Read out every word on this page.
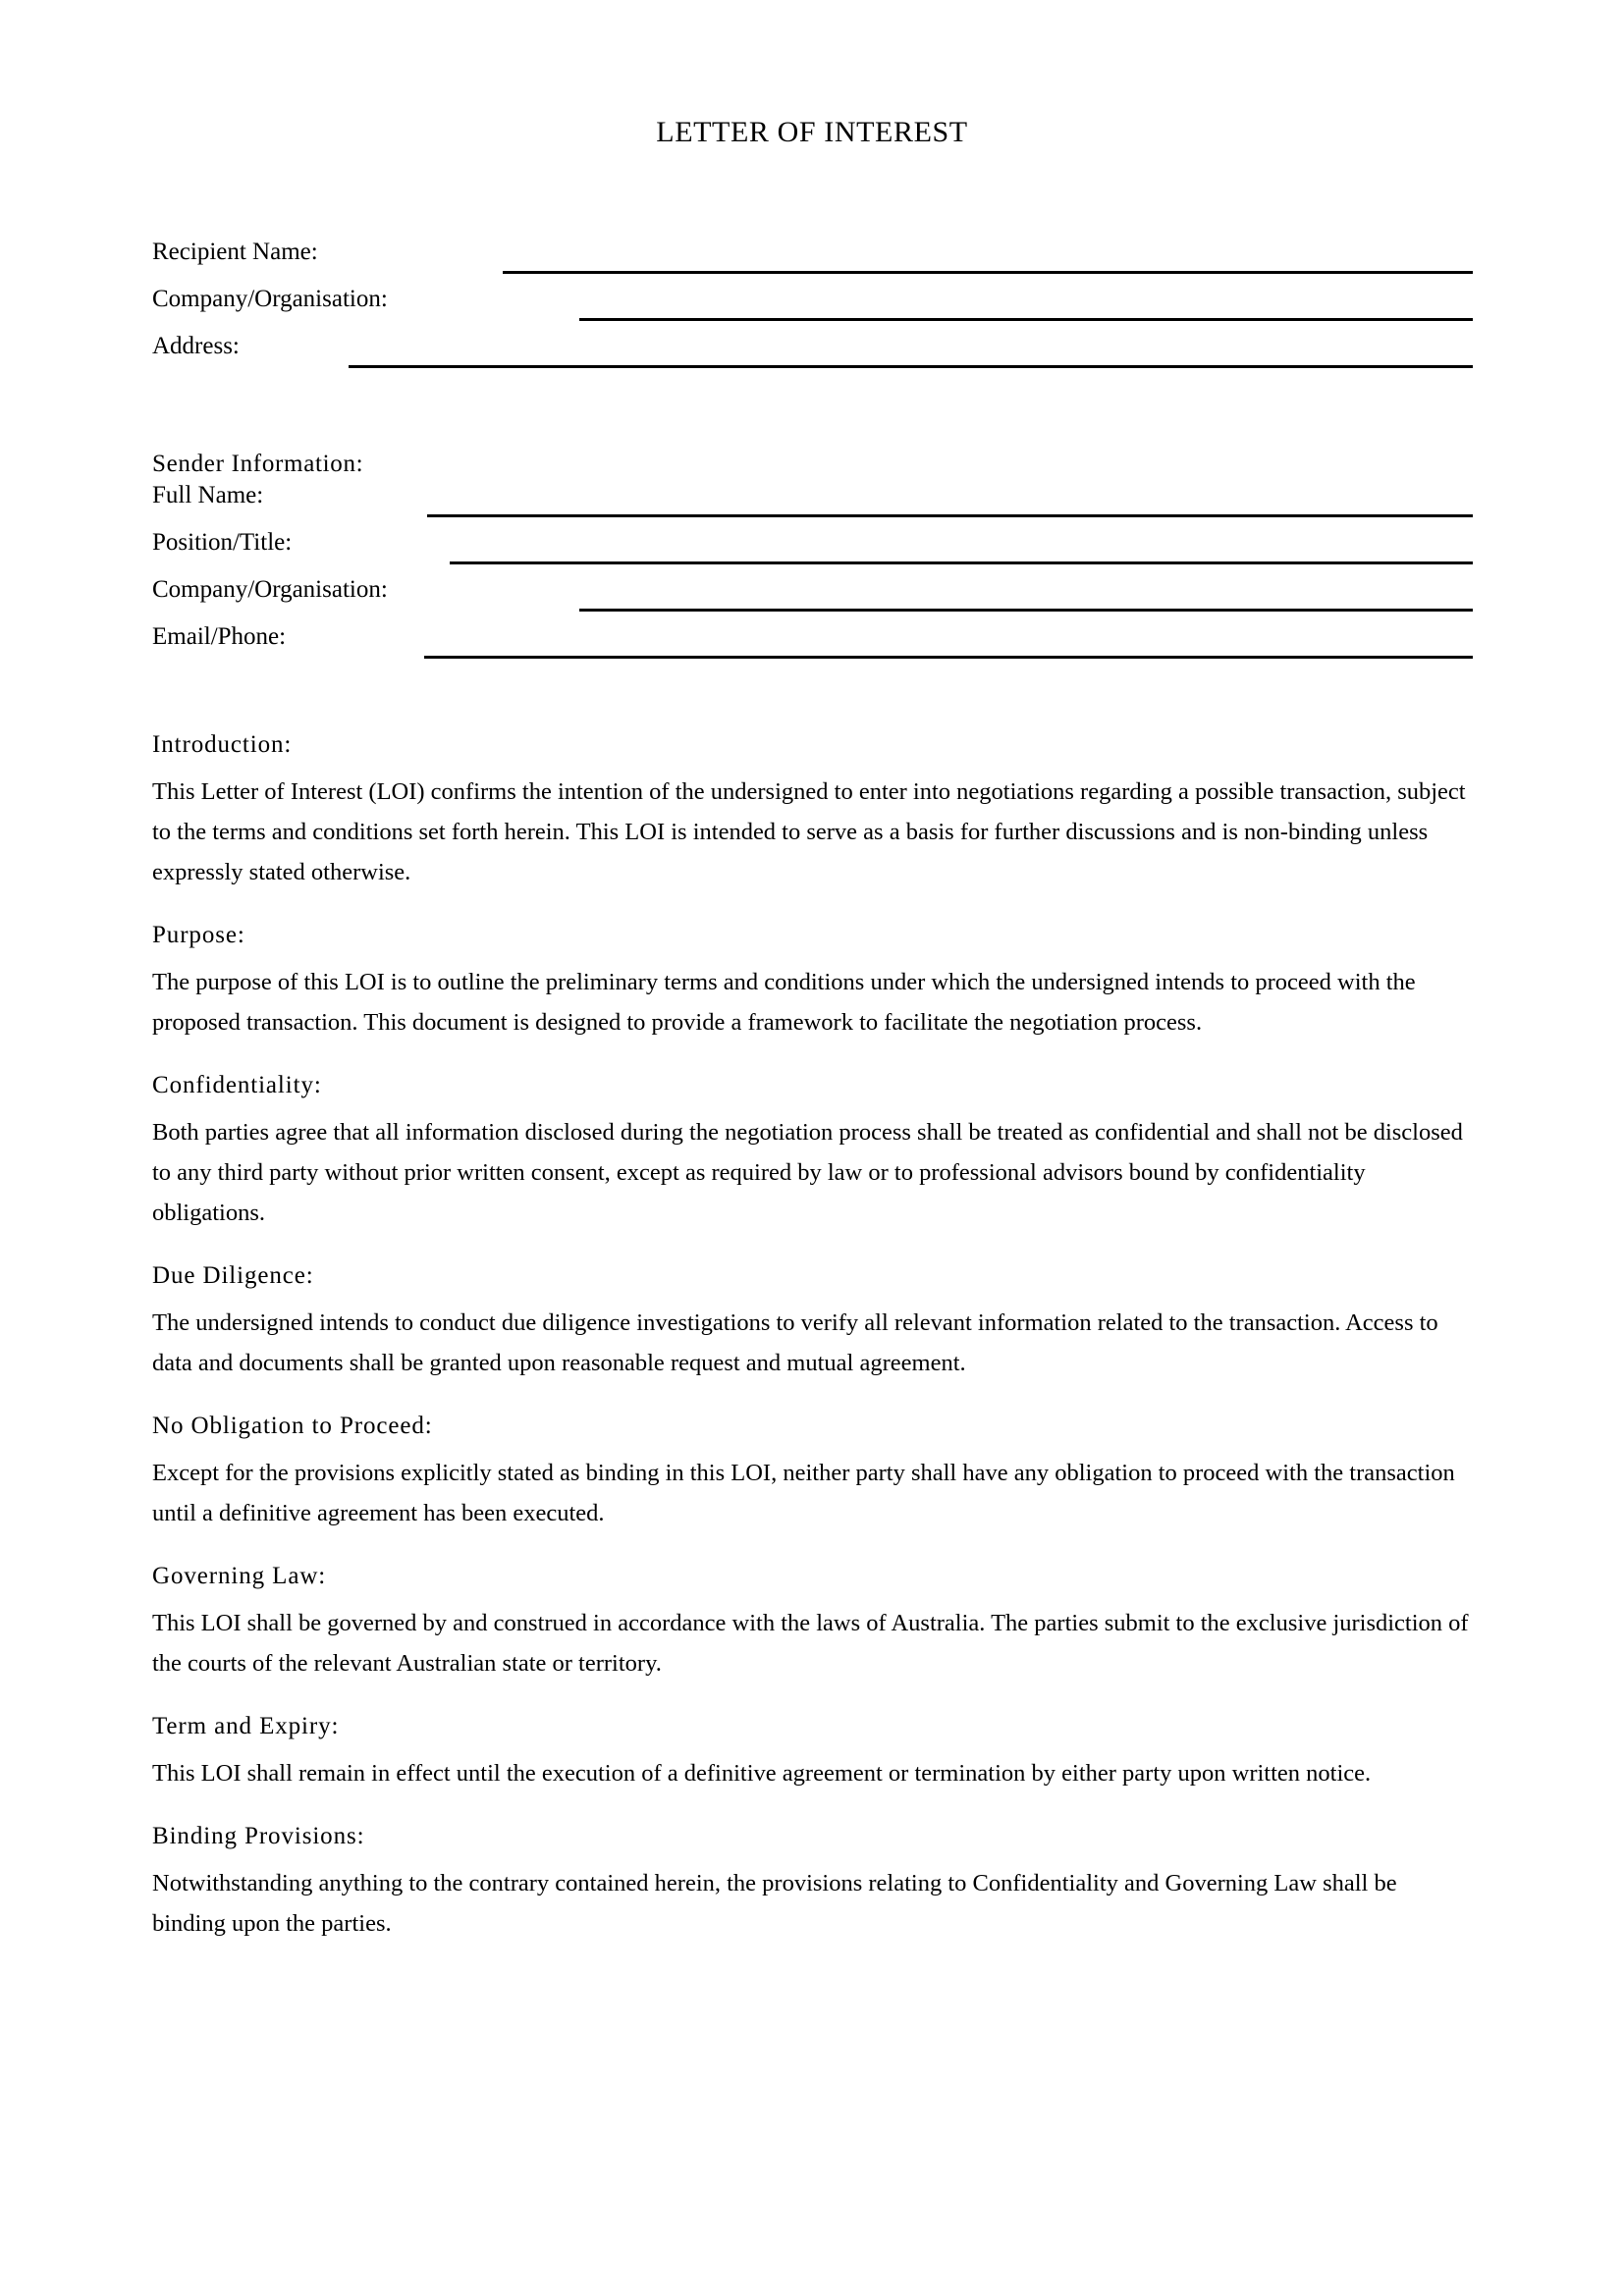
LETTER OF INTEREST
Recipient Name:
Company/Organisation:
Address:
Sender Information:
Full Name:
Position/Title:
Company/Organisation:
Email/Phone:
Introduction:
This Letter of Interest (LOI) confirms the intention of the undersigned to enter into negotiations regarding a possible transaction, subject to the terms and conditions set forth herein. This LOI is intended to serve as a basis for further discussions and is non-binding unless expressly stated otherwise.
Purpose:
The purpose of this LOI is to outline the preliminary terms and conditions under which the undersigned intends to proceed with the proposed transaction. This document is designed to provide a framework to facilitate the negotiation process.
Confidentiality:
Both parties agree that all information disclosed during the negotiation process shall be treated as confidential and shall not be disclosed to any third party without prior written consent, except as required by law or to professional advisors bound by confidentiality obligations.
Due Diligence:
The undersigned intends to conduct due diligence investigations to verify all relevant information related to the transaction. Access to data and documents shall be granted upon reasonable request and mutual agreement.
No Obligation to Proceed:
Except for the provisions explicitly stated as binding in this LOI, neither party shall have any obligation to proceed with the transaction until a definitive agreement has been executed.
Governing Law:
This LOI shall be governed by and construed in accordance with the laws of Australia. The parties submit to the exclusive jurisdiction of the courts of the relevant Australian state or territory.
Term and Expiry:
This LOI shall remain in effect until the execution of a definitive agreement or termination by either party upon written notice.
Binding Provisions:
Notwithstanding anything to the contrary contained herein, the provisions relating to Confidentiality and Governing Law shall be binding upon the parties.
